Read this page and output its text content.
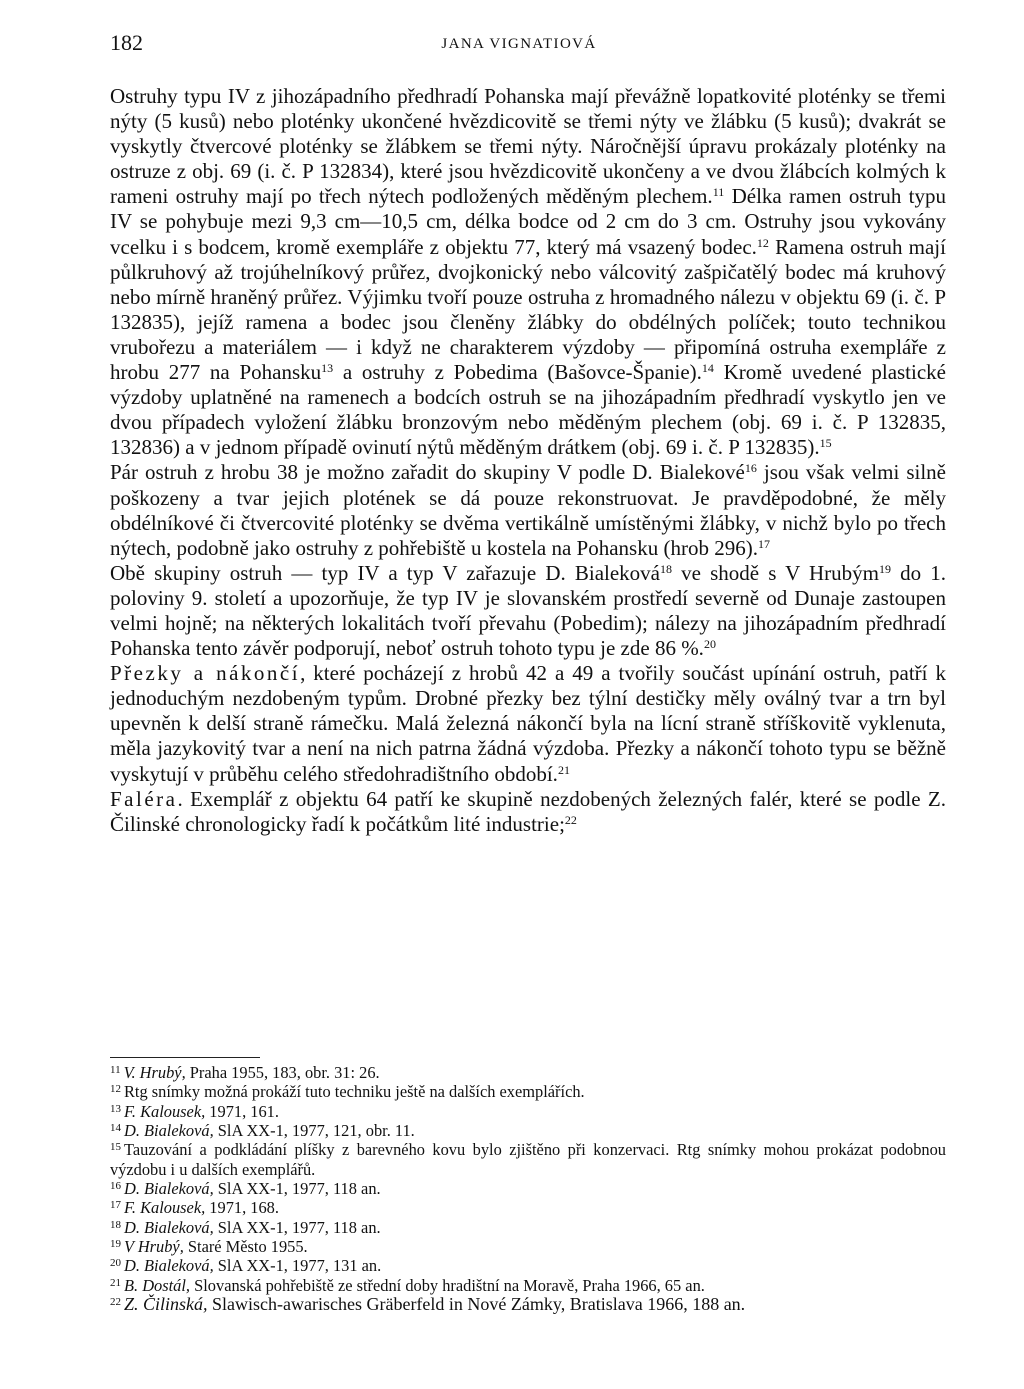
182	JANA VIGNATIOVÁ

Ostruhy typu IV z jihozápadního předhradí Pohanska mají převážně lopatkovité ploténky se třemi nýty (5 kusů) nebo ploténky ukončené hvězdicovitě se třemi nýty ve žlábku (5 kusů); dvakrát se vyskytly čtvercové ploténky se žlábkem se třemi nýty. Náročnější úpravu prokázaly ploténky na ostruze z obj. 69 (i. č. P 132834), které jsou hvězdicovitě ukončeny a ve dvou žlábcích kolmých k rameni ostruhy mají po třech nýtech podložených měděným plechem.$^{11}$ Délka ramen ostruh typu IV se pohybuje mezi 9,3 cm—10,5 cm, délka bodce od 2 cm do 3 cm. Ostruhy jsou vykovány vcelku i s bodcem, kromě exempláře z objektu 77, který má vsazený bodec.$^{12}$ Ramena ostruh mají půlkruhový až trojúhelníkový průřez, dvojkonický nebo válcovitý zašpičatělý bodec má kruhový nebo mírně hraněný průřez. Výjimku tvoří pouze ostruha z hromadného nálezu v objektu 69 (i. č. P 132835), jejíž ramena a bodec jsou členěny žlábky do obdélných políček; touto technikou vrubořezu a materiálem — i když ne charakterem výzdoby — připomíná ostruha exempláře z hrobu 277 na Pohansku$^{13}$ a ostruhy z Pobedima (Bašovce-Španie).$^{14}$ Kromě uvedené plastické výzdoby uplatněné na ramenech a bodcích ostruh se na jihozápadním předhradí vyskytlo jen ve dvou případech vyložení žlábku bronzovým nebo měděným plechem (obj. 69 i. č. P 132835, 132836) a v jednom případě ovinutí nýtů měděným drátkem (obj. 69 i. č. P 132835).$^{15}$

Pár ostruh z hrobu 38 je možno zařadit do skupiny V podle D. Bialekové$^{16}$ jsou však velmi silně poškozeny a tvar jejich plotének se dá pouze rekonstruovat. Je pravděpodobné, že měly obdélníkové či čtvercovité ploténky se dvěma vertikálně umístěnými žlábky, v nichž bylo po třech nýtech, podobně jako ostruhy z pohřebiště u kostela na Pohansku (hrob 296).$^{17}$

Obě skupiny ostruh — typ IV a typ V zařazuje D. Bialeková$^{18}$ ve shodě s V Hrubým$^{19}$ do 1. poloviny 9. století a upozorňuje, že typ IV je slovanském prostředí severně od Dunaje zastoupen velmi hojně; na některých lokalitách tvoří převahu (Pobedim); nálezy na jihozápadním předhradí Pohanska tento závěr podporují, neboť ostruh tohoto typu je zde 86 %.$^{20}$

Přezky a nákončí, které pocházejí z hrobů 42 a 49 a tvořily součást upínání ostruh, patří k jednoduchým nezdobeným typům. Drobné přezky bez týlní destičky měly oválný tvar a trn byl upevněn k delší straně rámečku. Malá železná nákončí byla na lícní straně stříškovitě vyklenuta, měla jazykovitý tvar a není na nich patrna žádná výzdoba. Přezky a nákončí tohoto typu se běžně vyskytují v průběhu celého středohradištního období.$^{21}$

Faléra. Exemplář z objektu 64 patří ke skupině nezdobených železných falér, které se podle Z. Čilinské chronologicky řadí k počátkům lité industrie;$^{22}$

$^{11}$ V. Hrubý, Praha 1955, 183, obr. 31: 26.

$^{12}$ Rtg snímky možná prokáží tuto techniku ještě na dalších exemplářích.

$^{13}$ F. Kalousek, 1971, 161.

$^{14}$ D. Bialeková, SlA XX-1, 1977, 121, obr. 11.

$^{15}$ Tauzování a podkládání plíšky z barevného kovu bylo zjištěno při konzervaci. Rtg snímky mohou prokázat podobnou výzdobu i u dalších exemplářů.

$^{16}$ D. Bialeková, SlA XX-1, 1977, 118 an.

$^{17}$ F. Kalousek, 1971, 168.

$^{18}$ D. Bialeková, SlA XX-1, 1977, 118 an.

$^{19}$ V Hrubý, Staré Město 1955.

$^{20}$ D. Bialeková, SlA XX-1, 1977, 131 an.

$^{21}$ B. Dostál, Slovanská pohřebiště ze střední doby hradištní na Moravě, Praha 1966, 65 an.

$^{22}$ Z. Čilinská, Slawisch-awarisches Gräberfeld in Nové Zámky, Bratislava 1966, 188 an.
